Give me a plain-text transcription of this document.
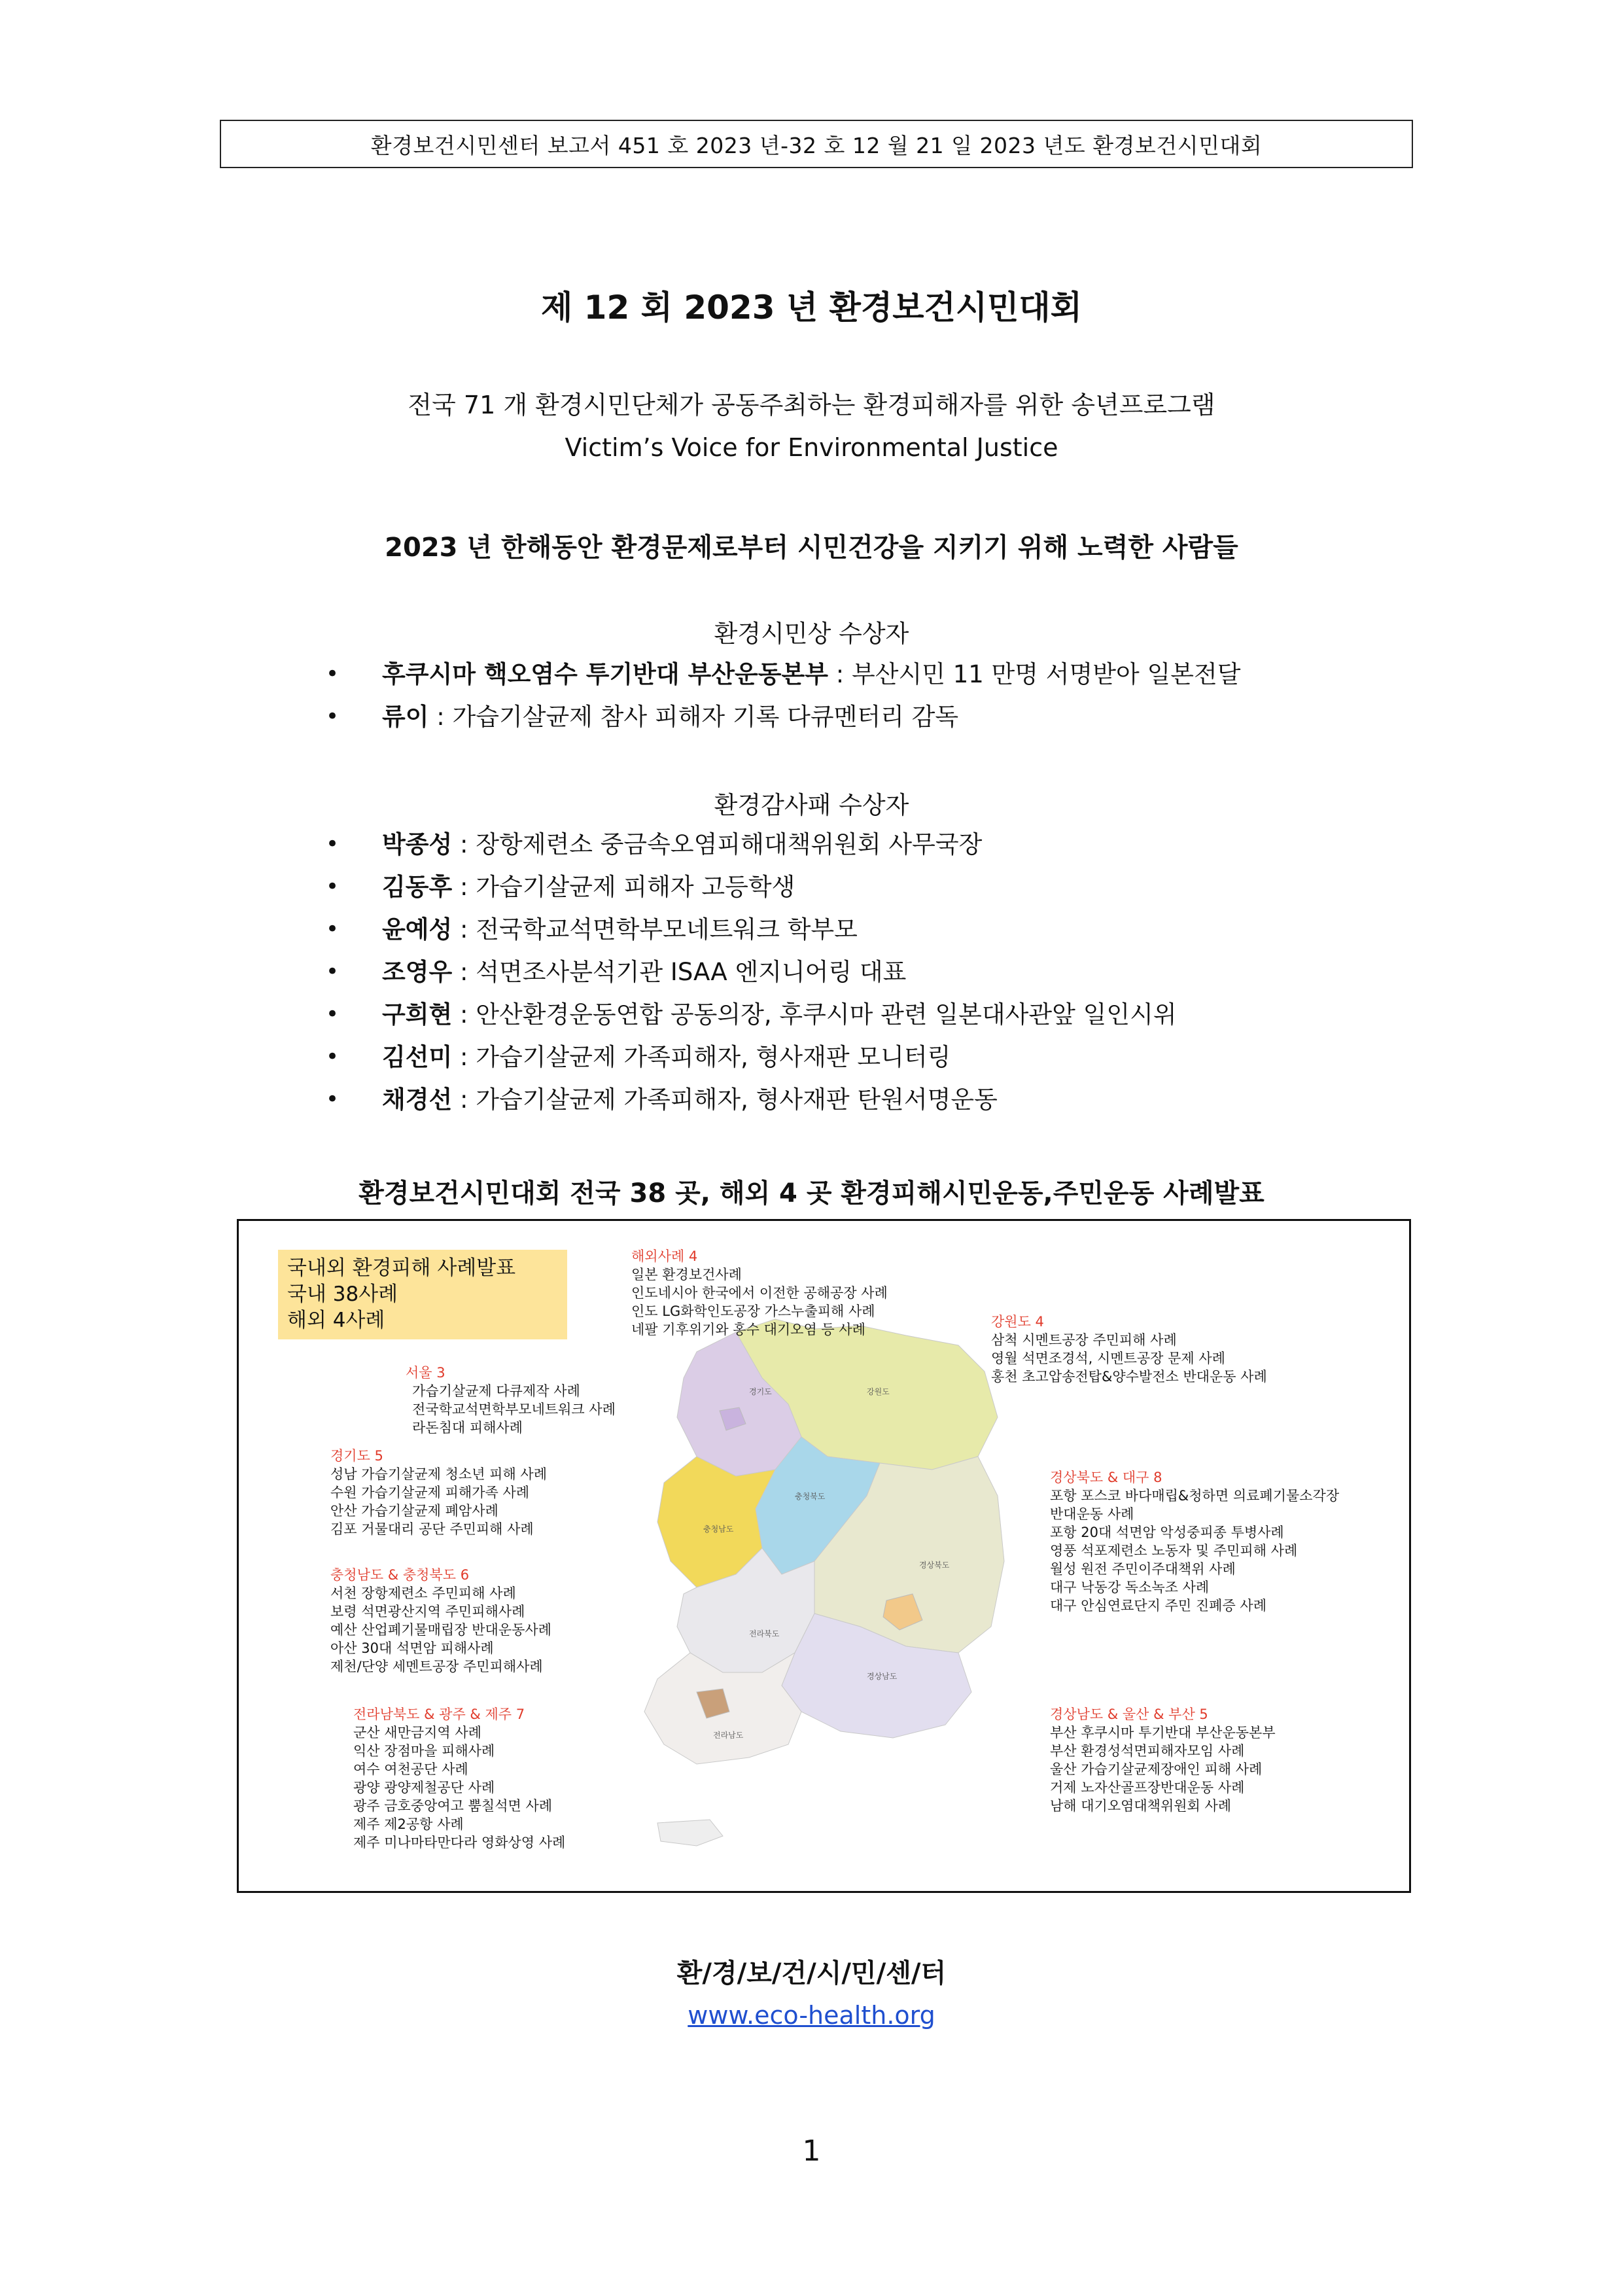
환경보건시민센터 보고서 451 호 2023 년-32 호 12 월 21 일 2023 년도 환경보건시민대회
제 12 회 2023 년 환경보건시민대회
전국 71 개 환경시민단체가 공동주최하는 환경피해자를 위한 송년프로그램
Victim’s Voice for Environmental Justice
2023 년 한해동안 환경문제로부터 시민건강을 지키기 위해 노력한 사람들
환경시민상 수상자
• 후쿠시마 핵오염수 투기반대 부산운동본부 : 부산시민 11 만명 서명받아 일본전달
• 류이 : 가습기살균제 참사 피해자 기록 다큐멘터리 감독
환경감사패 수상자
• 박종성 : 장항제련소 중금속오염피해대책위원회 사무국장
• 김동후 : 가습기살균제 피해자 고등학생
• 윤예성 : 전국학교석면학부모네트워크 학부모
• 조영우 : 석면조사분석기관 ISAA 엔지니어링 대표
• 구희현 : 안산환경운동연합 공동의장, 후쿠시마 관련 일본대사관앞 일인시위
• 김선미 : 가습기살균제 가족피해자, 형사재판 모니터링
• 채경선 : 가습기살균제 가족피해자, 형사재판 탄원서명운동
환경보건시민대회 전국 38 곳, 해외 4 곳 환경피해시민운동,주민운동 사례발표
경기도	강원도
충청북도
충청남도
경상북도
전라북도
경상남도
전라남도
국내외 환경피해 사례발표
국내 38사례
해외 4사례
해외사례 4
일본 환경보건사례
인도네시아 한국에서 이전한 공해공장 사례
인도 LG화학인도공장 가스누출피해 사례
네팔 기후위기와 홍수 대기오염 등 사례
서울 3
가습기살균제 다큐제작 사례
전국학교석면학부모네트워크 사례
라돈침대 피해사례
경기도 5
성남 가습기살균제 청소년 피해 사례
수원 가습기살균제 피해가족 사례
안산 가습기살균제 폐암사례
김포 거물대리 공단 주민피해 사례
충청남도 & 충청북도 6
서천 장항제련소 주민피해 사례
보령 석면광산지역 주민피해사례
예산 산업폐기물매립장 반대운동사례
아산 30대 석면암 피해사례
제천/단양 세멘트공장 주민피해사례
전라남북도 & 광주 & 제주 7
군산 새만금지역 사례
익산 장점마을 피해사례
여수 여천공단 사례
광양 광양제철공단 사례
광주 금호중앙여고 뿜칠석면 사례
제주 제2공항 사례
제주 미나마타만다라 영화상영 사례
강원도 4
삼척 시멘트공장 주민피해 사례
영월 석면조경석, 시멘트공장 문제 사례
홍천 초고압송전탑&양수발전소 반대운동 사례
경상북도 & 대구 8
포항 포스코 바다매립&청하면 의료폐기물소각장
반대운동 사례
포항 20대 석면암 악성중피종 투병사례
영풍 석포제련소 노동자 및 주민피해 사례
월성 원전 주민이주대책위 사례
대구 낙동강 독소녹조 사례
대구 안심연료단지 주민 진폐증 사례
경상남도 & 울산 & 부산 5
부산 후쿠시마 투기반대 부산운동본부
부산 환경성석면피해자모임 사례
울산 가습기살균제장애인 피해 사례
거제 노자산골프장반대운동 사례
남해 대기오염대책위원회 사례
환/경/보/건/시/민/센/터
www.eco-health.org
1
